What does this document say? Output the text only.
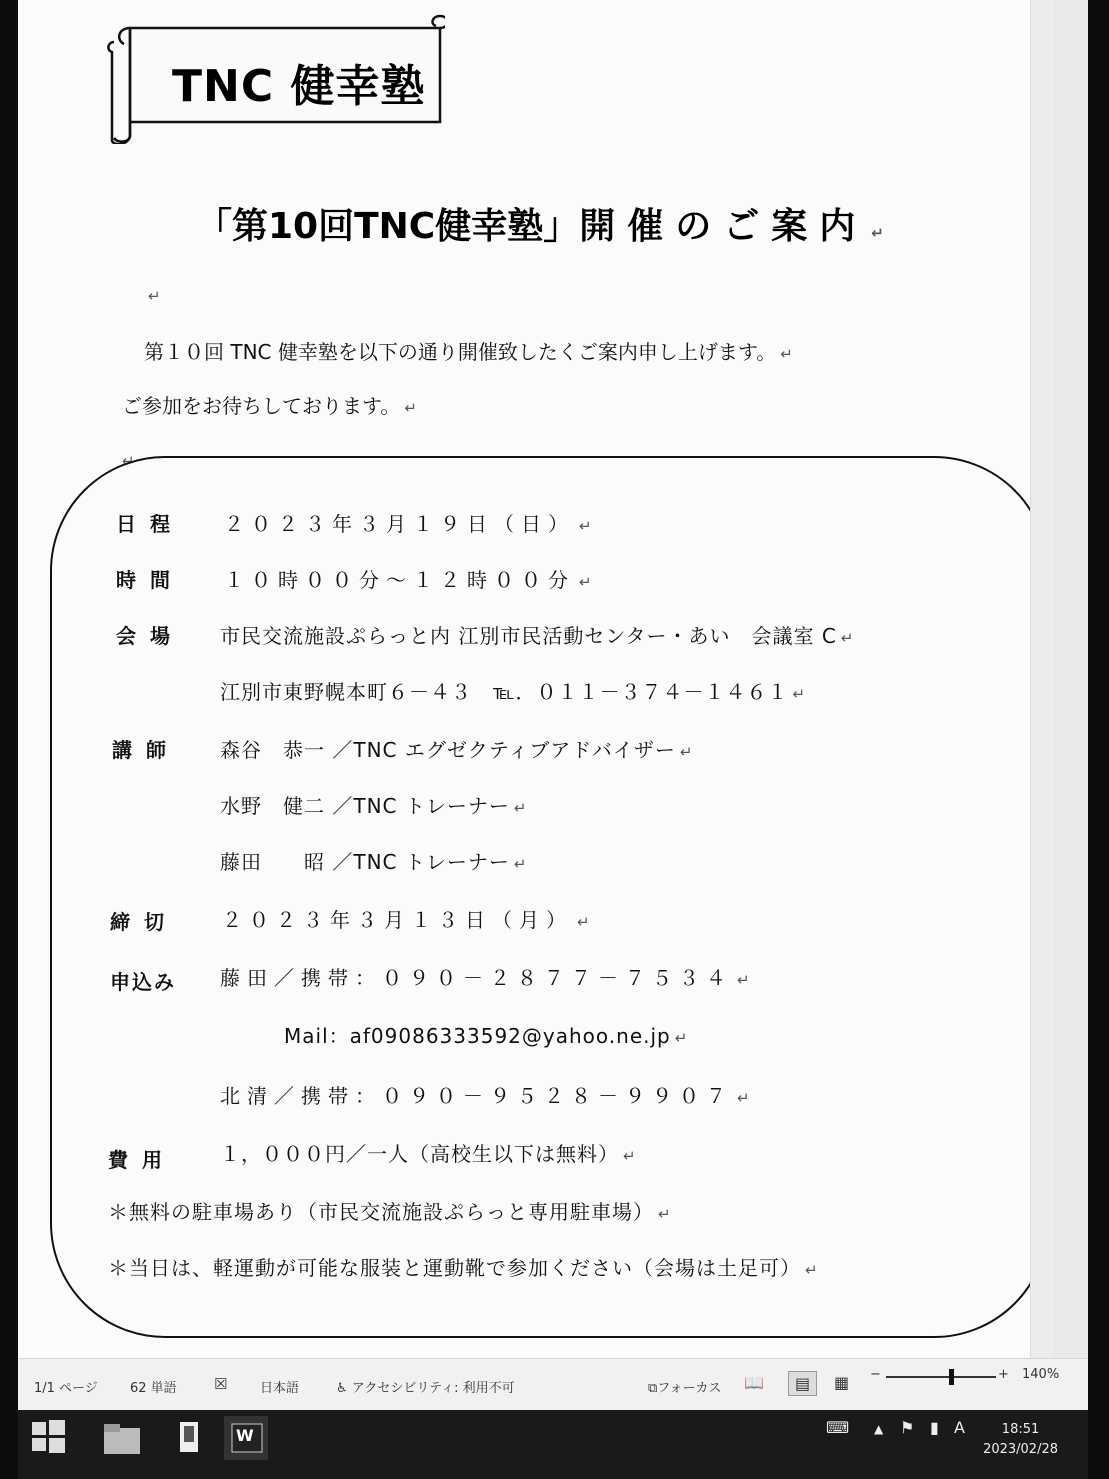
TNC 健幸塾
「第10回TNC健幸塾」開催のご案内 ↵
↵
第１０回 TNC 健幸塾を以下の通り開催致したくご案内申し上げます。 ↵
ご参加をお待ちしております。 ↵
↵
日程 ２０２３年３月１９日（日） ↵
時間 １０時００分～１２時００分 ↵
会場 市民交流施設ぷらっと内 江別市民活動センター・あい　会議室 C ↵
江別市東野幌本町６－４３　℡．０１１－３７４－１４６１ ↵
講師 森谷　恭一 ／TNC エグゼクティブアドバイザー ↵
水野　健二 ／TNC トレーナー ↵
藤田　　昭 ／TNC トレーナー ↵
締切 ２０２３年３月１３日（月） ↵
申込み 藤田／携帯：０９０－２８７７－７５３４ ↵
Mail：af09086333592@yahoo.ne.jp ↵
北清／携帯：０９０－９５２８－９９０７ ↵
費用 １，０００円／一人（高校生以下は無料） ↵
＊無料の駐車場あり（市民交流施設ぷらっと専用駐車場） ↵
＊当日は、軽運動が可能な服装と運動靴で参加ください（会場は土足可） ↵
1/1 ページ 62 単語 ☒	日本語	♿ アクセシビリティ: 利用不可	⧉フォーカス 📖	▤	▦ −	+ 140%
W	⌨ ▲ ⚑ ▮ A	18:51
2023/02/28
